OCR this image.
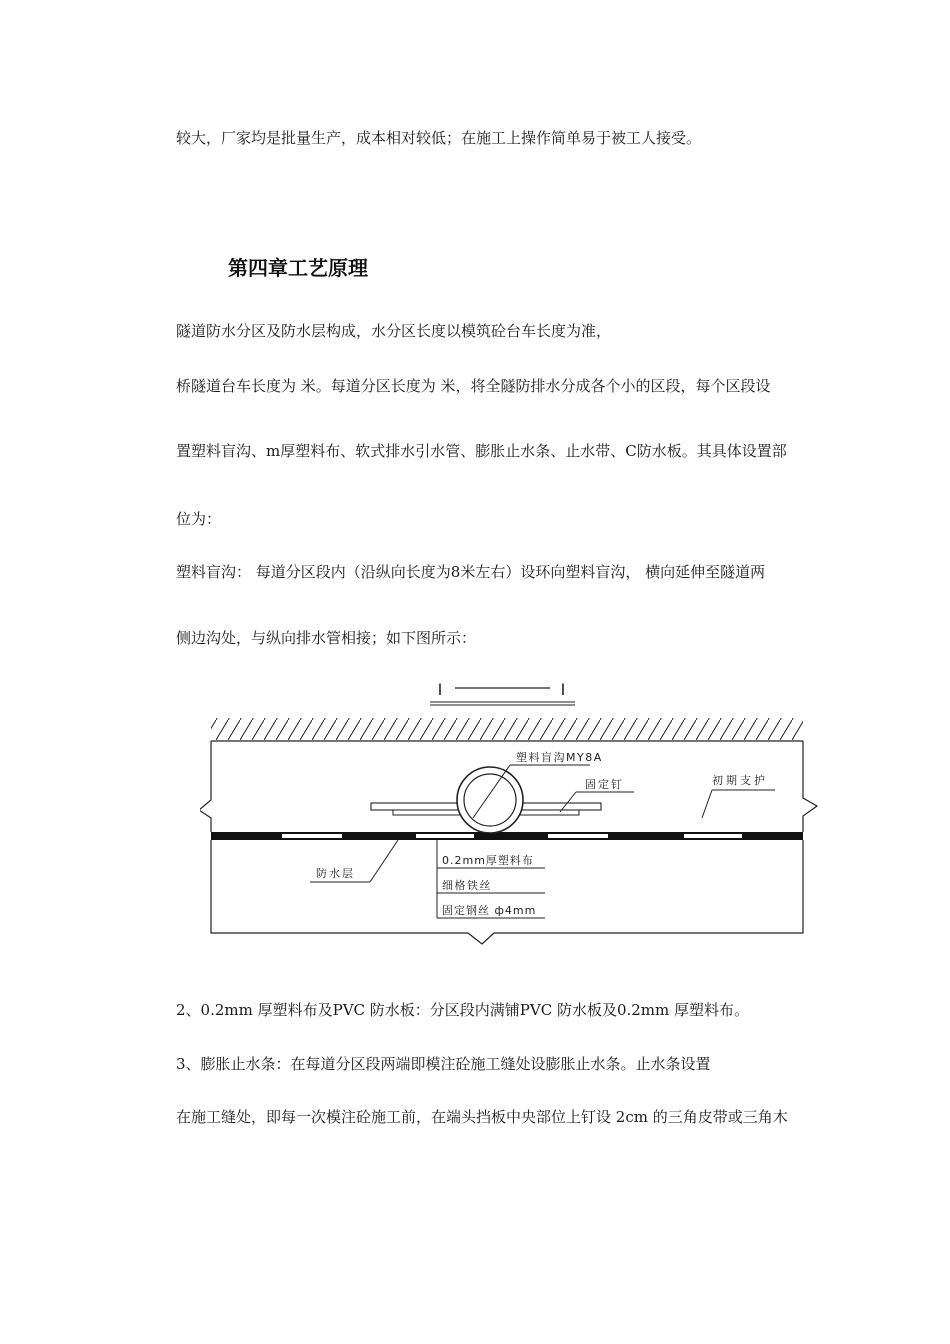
较大，厂家均是批量生产，成本相对较低；在施工上操作简单易于被工人接受。

第四章工艺原理

隧道防水分区及防水层构成，水分区长度以模筑砼台车长度为准，

桥隧道台车长度为 米。每道分区长度为 米，将全隧防排水分成各个小的区段，每个区段设

置塑料盲沟、m厚塑料布、软式排水引水管、膨胀止水条、止水带、C防水板。其具体设置部

位为：

塑料盲沟： 每道分区段内（沿纵向长度为8米左右）设环向塑料盲沟， 横向延伸至隧道两

侧边沟处，与纵向排水管相接；如下图所示：

I	I
塑料盲沟MY8A
固定钉	初期支护
防水层
0.2mm厚塑料布
细格铁丝
固定钢丝 ф4mm

2、0.2mm 厚塑料布及PVC 防水板：分区段内满铺PVC 防水板及0.2mm 厚塑料布。

3、膨胀止水条：在每道分区段两端即模注砼施工缝处设膨胀止水条。止水条设置

在施工缝处，即每一次模注砼施工前，在端头挡板中央部位上钉设 2cm 的三角皮带或三角木
